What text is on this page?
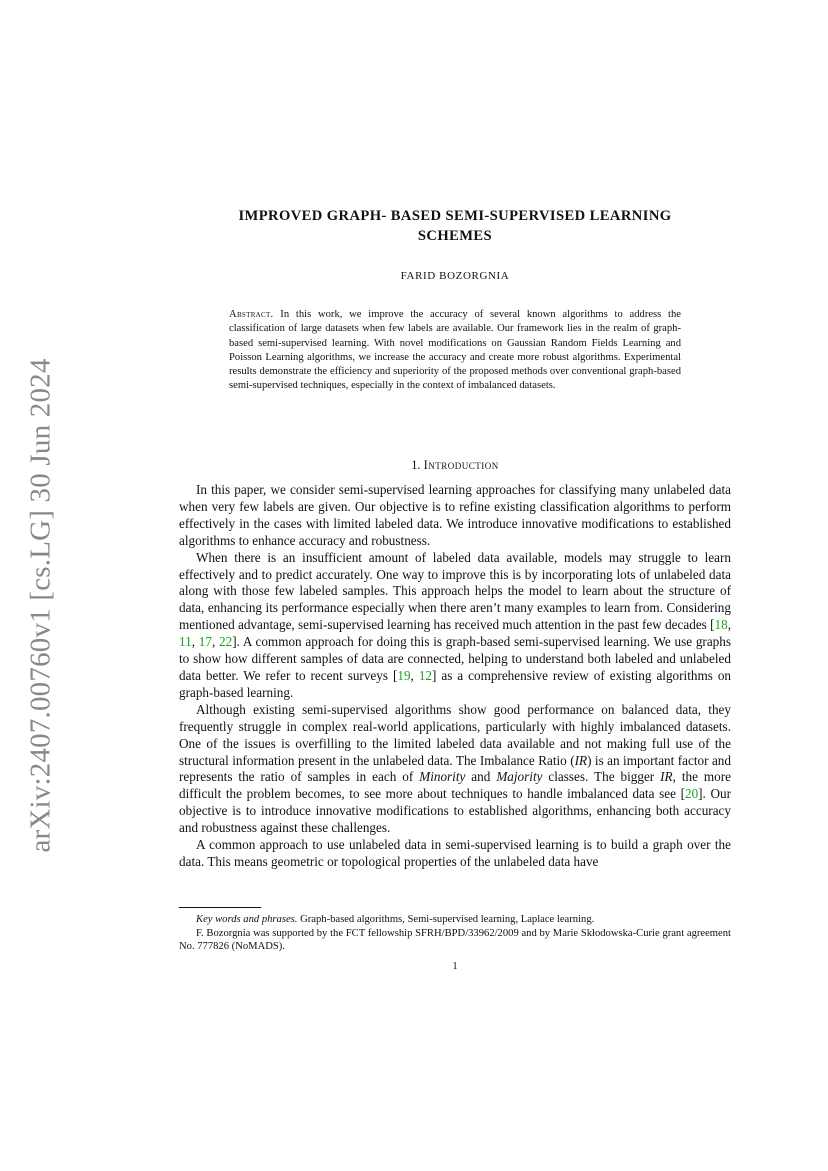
arXiv:2407.00760v1 [cs.LG] 30 Jun 2024
IMPROVED GRAPH- BASED SEMI-SUPERVISED LEARNING
SCHEMES
FARID BOZORGNIA
Abstract. In this work, we improve the accuracy of several known algorithms to address the classification of large datasets when few labels are available. Our framework lies in the realm of graph-based semi-supervised learning. With novel modifications on Gaussian Random Fields Learning and Poisson Learning algorithms, we increase the accuracy and create more robust algorithms. Experimental results demonstrate the efficiency and superiority of the proposed methods over conventional graph-based semi-supervised techniques, especially in the context of imbalanced datasets.
1. Introduction

In this paper, we consider semi-supervised learning approaches for classifying many unlabeled data when very few labels are given. Our objective is to refine existing classification algorithms to perform effectively in the cases with limited labeled data. We introduce innovative modifications to established algorithms to enhance accuracy and robustness.

When there is an insufficient amount of labeled data available, models may struggle to learn effectively and to predict accurately. One way to improve this is by incorporating lots of unlabeled data along with those few labeled samples. This approach helps the model to learn about the structure of data, enhancing its performance especially when there aren’t many examples to learn from. Considering mentioned advantage, semi-supervised learning has received much attention in the past few decades [18, 11, 17, 22]. A common approach for doing this is graph-based semi-supervised learning. We use graphs to show how different samples of data are connected, helping to understand both labeled and unlabeled data better. We refer to recent surveys [19, 12] as a comprehensive review of existing algorithms on graph-based learning.

Although existing semi-supervised algorithms show good performance on balanced data, they frequently struggle in complex real-world applications, particularly with highly imbalanced datasets. One of the issues is overfilling to the limited labeled data available and not making full use of the structural information present in the unlabeled data. The Imbalance Ratio (IR) is an important factor and represents the ratio of samples in each of Minority and Majority classes. The bigger IR, the more difficult the problem becomes, to see more about techniques to handle imbalanced data see [20]. Our objective is to introduce innovative modifications to established algorithms, enhancing both accuracy and robustness against these challenges.

A common approach to use unlabeled data in semi-supervised learning is to build a graph over the data. This means geometric or topological properties of the unlabeled data have

Key words and phrases. Graph-based algorithms, Semi-supervised learning, Laplace learning.

F. Bozorgnia was supported by the FCT fellowship SFRH/BPD/33962/2009 and by Marie Skłodowska-Curie grant agreement No. 777826 (NoMADS).

1
